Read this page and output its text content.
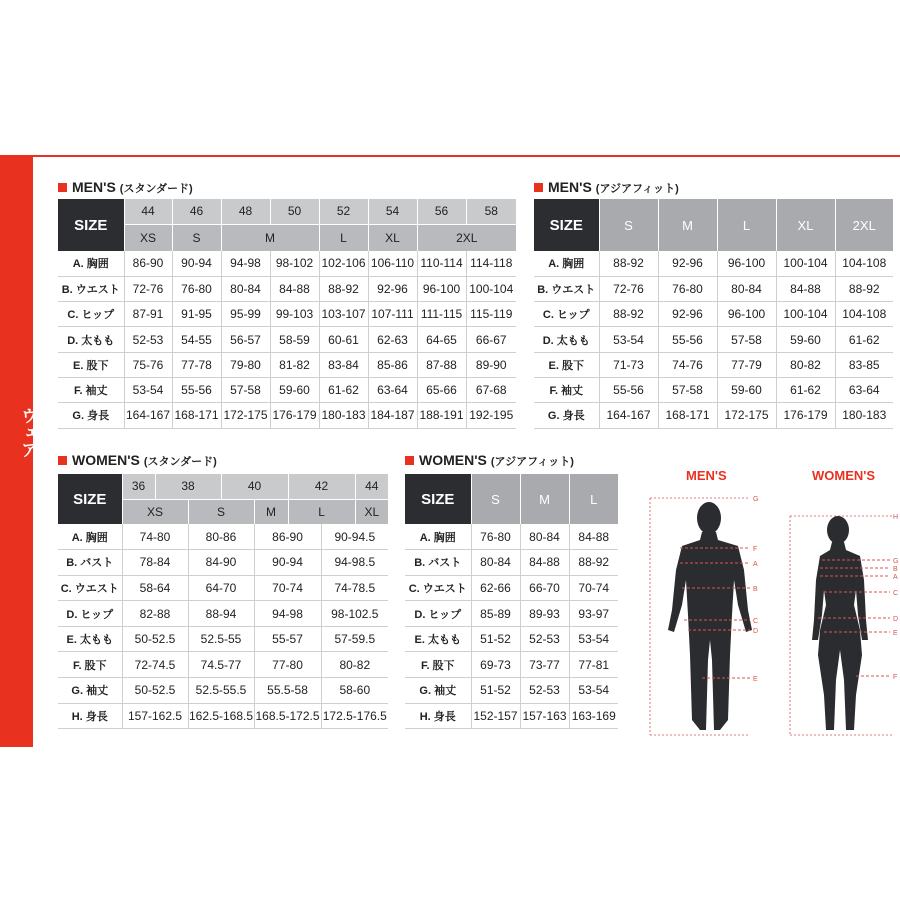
ウェア
MEN'S (スタンダード)
SIZE	44	46	48	50	52	54	56	58
	XS	S	M		L	XL	2XL	
A. 胸囲	86-90	90-94	94-98	98-102	102-106	106-110	110-114	114-118
B. ウエスト	72-76	76-80	80-84	84-88	88-92	92-96	96-100	100-104
C. ヒップ	87-91	91-95	95-99	99-103	103-107	107-111	111-115	115-119
D. 太もも	52-53	54-55	56-57	58-59	60-61	62-63	64-65	66-67
E. 股下	75-76	77-78	79-80	81-82	83-84	85-86	87-88	89-90
F. 袖丈	53-54	55-56	57-58	59-60	61-62	63-64	65-66	67-68
G. 身長	164-167	168-171	172-175	176-179	180-183	184-187	188-191	192-195
MEN'S (アジアフィット)
SIZE	S	M	L	XL	2XL
A. 胸囲	88-92	92-96	96-100	100-104	104-108
B. ウエスト	72-76	76-80	80-84	84-88	88-92
C. ヒップ	88-92	92-96	96-100	100-104	104-108
D. 太もも	53-54	55-56	57-58	59-60	61-62
E. 股下	71-73	74-76	77-79	80-82	83-85
F. 袖丈	55-56	57-58	59-60	61-62	63-64
G. 身長	164-167	168-171	172-175	176-179	180-183
WOMEN'S (スタンダード)
SIZE	36	38		40		42		44
	XS		S		M	L		XL
A. 胸囲	74-80		80-86		86-90		90-94.5	
B. バスト	78-84		84-90		90-94		94-98.5	
C. ウエスト	58-64		64-70		70-74		74-78.5	
D. ヒップ	82-88		88-94		94-98		98-102.5	
E. 太もも	50-52.5		52.5-55		55-57		57-59.5	
F. 股下	72-74.5		74.5-77		77-80		80-82	
G. 袖丈	50-52.5		52.5-55.5		55.5-58		58-60	
H. 身長	157-162.5		162.5-168.5		168.5-172.5		172.5-176.5	
WOMEN'S (アジアフィット)
SIZE	S	M	L
A. 胸囲	76-80	80-84	84-88
B. バスト	80-84	84-88	88-92
C. ウエスト	62-66	66-70	70-74
D. ヒップ	85-89	89-93	93-97
E. 太もも	51-52	52-53	53-54
F. 股下	69-73	73-77	77-81
G. 袖丈	51-52	52-53	53-54
H. 身長	152-157	157-163	163-169
MEN'S	WOMEN'S
G
F
A
B
C
D
E
H
G
B
A
C
D
E
F
